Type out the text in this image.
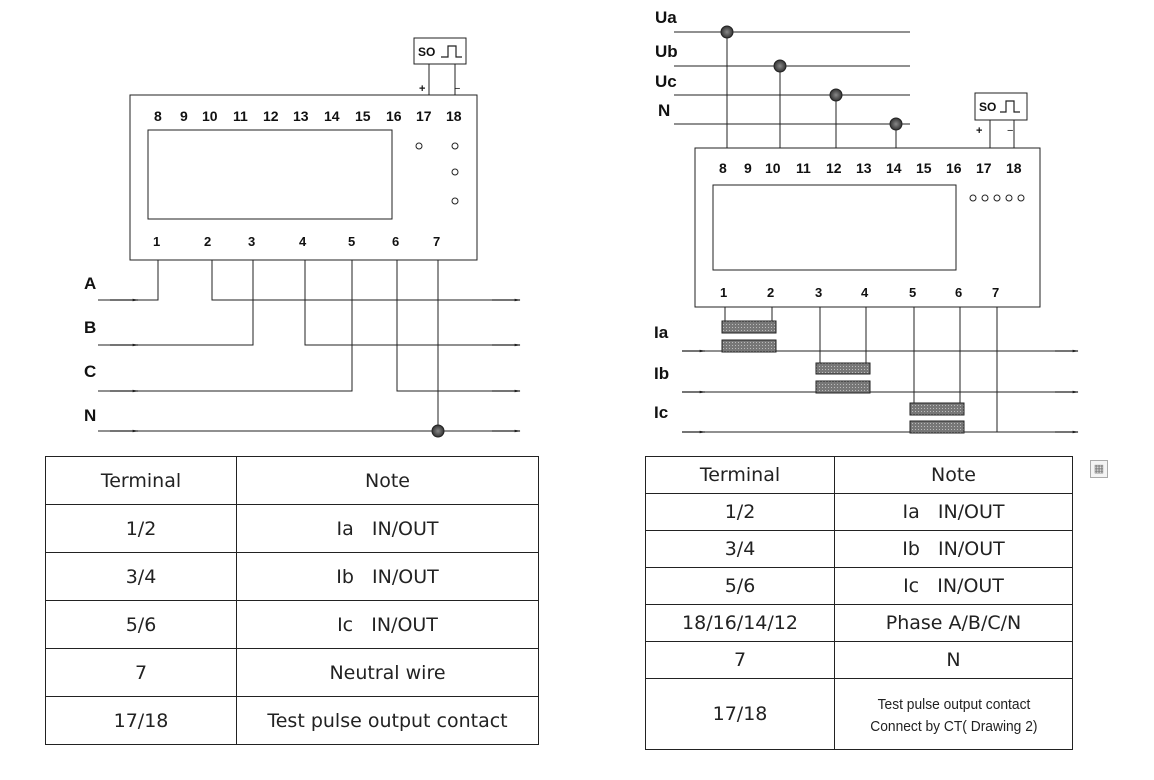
SO
+	−
8 9 10 11 12 13 14 15 16 17 18
1	2	3	4	5	6	7
A
B
C
N
SO
+ −
Ua
Ub
Uc
N
8 9 10 11 12 13 14 15 16 17 18
1	2	3	4	5	6 7
Ia
Ib
Ic
Terminal	Note
1/2	Ia   IN/OUT
3/4	Ib   IN/OUT
5/6	Ic   IN/OUT
7	Neutral wire
17/18	Test pulse output contact
Terminal	Note
1/2	Ia   IN/OUT
3/4	Ib   IN/OUT
5/6	Ic   IN/OUT
18/16/14/12	Phase A/B/C/N
7	N
17/18	Test pulse output contact
Connect by CT( Drawing 2)
▦
